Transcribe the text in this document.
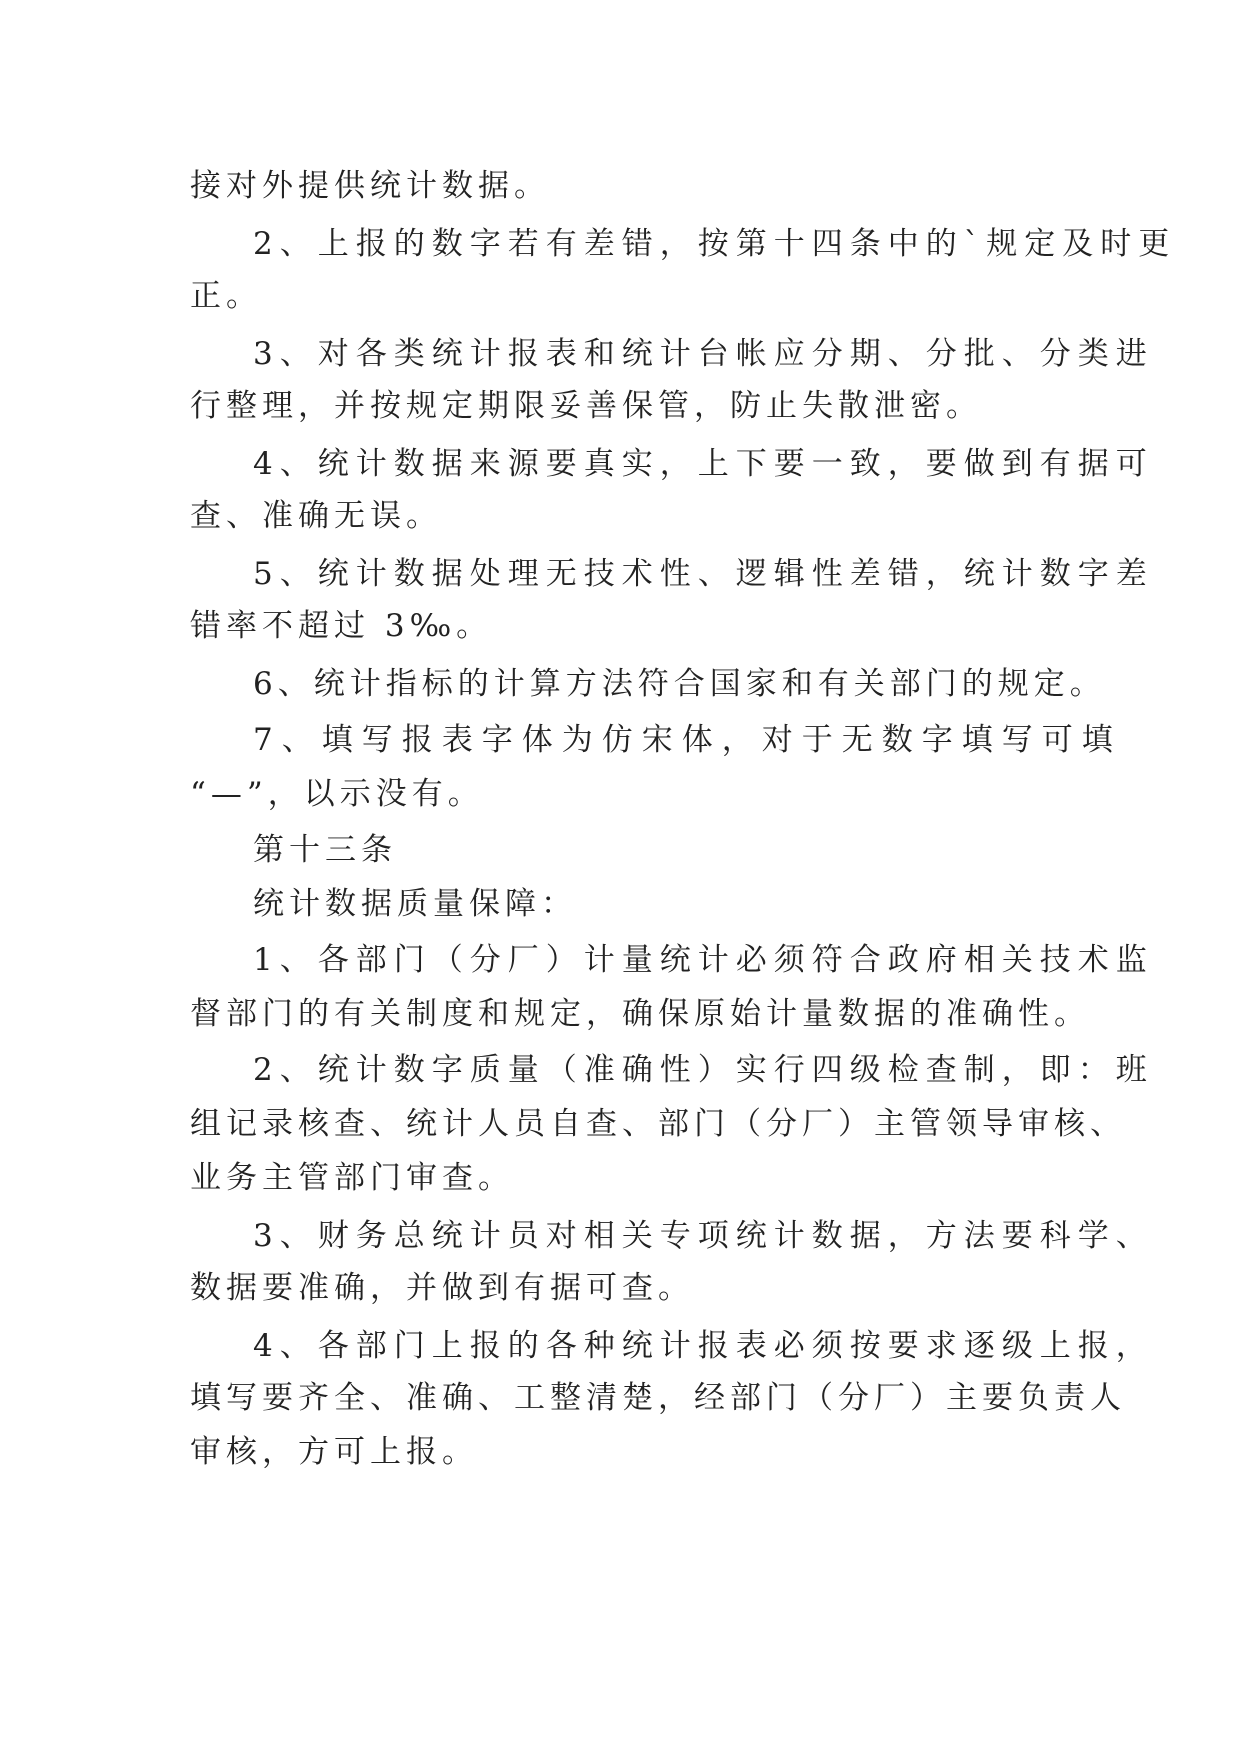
接对外提供统计数据。
2、上报的数字若有差错，按第十四条中的`规定及时更
正。
3、对各类统计报表和统计台帐应分期、分批、分类进
行整理，并按规定期限妥善保管，防止失散泄密。
4、统计数据来源要真实，上下要一致，要做到有据可
查、准确无误。
5、统计数据处理无技术性、逻辑性差错，统计数字差
错率不超过 3‰。
6、统计指标的计算方法符合国家和有关部门的规定。
7、填写报表字体为仿宋体，对于无数字填写可填
“—”，以示没有。
第十三条
统计数据质量保障：
1、各部门（分厂）计量统计必须符合政府相关技术监
督部门的有关制度和规定，确保原始计量数据的准确性。
2、统计数字质量（准确性）实行四级检查制，即：班
组记录核查、统计人员自查、部门（分厂）主管领导审核、
业务主管部门审查。
3、财务总统计员对相关专项统计数据，方法要科学、
数据要准确，并做到有据可查。
4、各部门上报的各种统计报表必须按要求逐级上报，
填写要齐全、准确、工整清楚，经部门（分厂）主要负责人
审核，方可上报。
